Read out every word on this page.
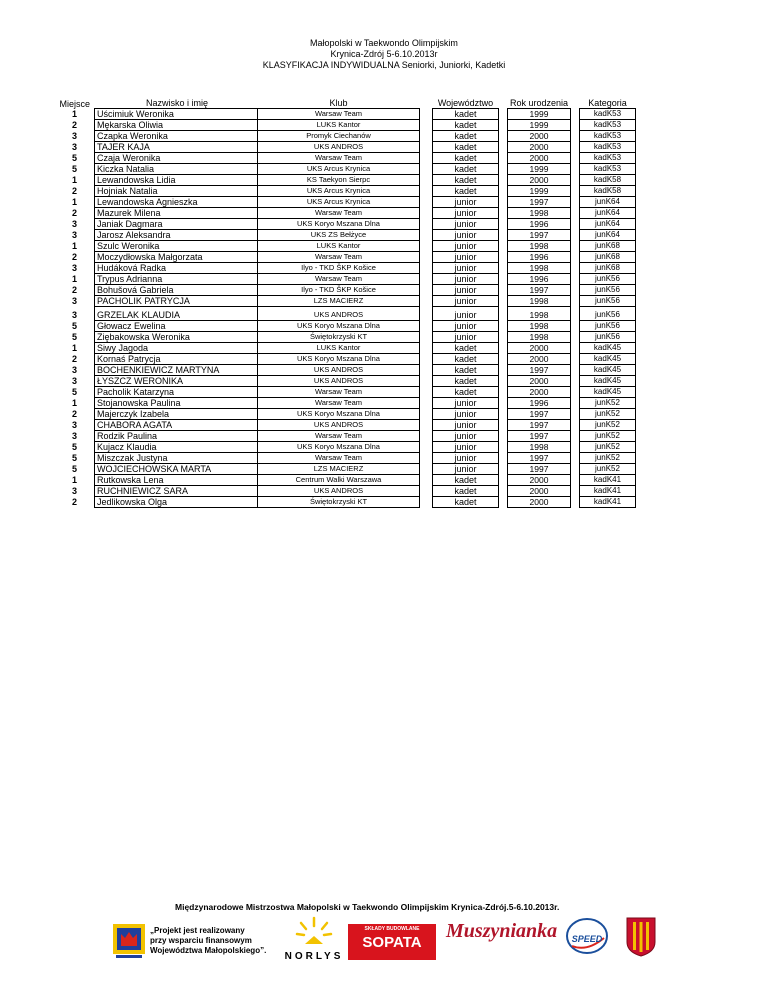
Małopolski w Taekwondo Olimpijskim
Krynica-Zdrój 5-6.10.2013r
KLASYFIKACJA INDYWIDUALNA Seniorki, Juniorki, Kadetki
Miejsce	Nazwisko i imię	Klub		Województwo		Rok urodzenia		Kategoria
1	Uścimiuk Weronika	Warsaw Team		kadet		1999		kadK53
2	Mękarska Oliwia	LUKS Kantor		kadet		1999		kadK53
3	Czapka Weronika	Promyk Ciechanów		kadet		2000		kadK53
3	TAJER KAJA	UKS ANDROS		kadet		2000		kadK53
5	Czaja Weronika	Warsaw Team		kadet		2000		kadK53
5	Kiczka Natalia	UKS Arcus Krynica		kadet		1999		kadK53
1	Lewandowska Lidia	KS Taekyon Sierpc		kadet		2000		kadK58
2	Hojniak Natalia	UKS Arcus Krynica		kadet		1999		kadK58
1	Lewandowska Agnieszka	UKS Arcus Krynica		junior		1997		junK64
2	Mazurek Milena	Warsaw Team		junior		1998		junK64
3	Janiak Dagmara	UKS Koryo Mszana Dlna		junior		1996		junK64
3	Jarosz Aleksandra	UKS ZS Bełżyce		junior		1997		junK64
1	Szulc Weronika	LUKS Kantor		junior		1998		junK68
2	Moczydłowska Małgorzata	Warsaw Team		junior		1996		junK68
3	Hudáková Radka	Ilyo - TKD ŠKP Košice		junior		1998		junK68
1	Trypus Adrianna	Warsaw Team		junior		1996		junK56
2	Bohušová Gabriela	Ilyo - TKD ŠKP Košice		junior		1997		junK56
3	PACHOLIK PATRYCJA	LZS MACIERZ		junior		1998		junK56
3	GRZELAK KLAUDIA	UKS ANDROS		junior		1998		junK56
5	Głowacz Ewelina	UKS Koryo Mszana Dlna		junior		1998		junK56
5	Ziębakowska Weronika	Świętokrzyski KT		junior		1998		junK56
1	Siwy Jagoda	LUKS Kantor		kadet		2000		kadK45
2	Kornaś Patrycja	UKS Koryo Mszana Dlna		kadet		2000		kadK45
3	BOCHENKIEWICZ MARTYNA	UKS ANDROS		kadet		1997		kadK45
3	ŁYSZCZ WERONIKA	UKS ANDROS		kadet		2000		kadK45
5	Pacholik Katarzyna	Warsaw Team		kadet		2000		kadK45
1	Stojanowska Paulina	Warsaw Team		junior		1996		junK52
2	Majerczyk Izabela	UKS Koryo Mszana Dlna		junior		1997		junK52
3	CHABORA AGATA	UKS ANDROS		junior		1997		junK52
3	Rodzik Paulina	Warsaw Team		junior		1997		junK52
5	Kujacz Klaudia	UKS Koryo Mszana Dlna		junior		1998		junK52
5	Miszczak Justyna	Warsaw Team		junior		1997		junK52
5	WOJCIECHOWSKA MARTA	LZS MACIERZ		junior		1997		junK52
1	Rutkowska Lena	Centrum Walki Warszawa		kadet		2000		kadK41
3	RUCHNIEWICZ SARA	UKS ANDROS		kadet		2000		kadK41
2	Jedlikowska Olga	Świętokrzyski KT		kadet		2000		kadK41
Międzynarodowe Mistrzostwa Małopolski w Taekwondo Olimpijskim Krynica-Zdrój.5-6.10.2013r.
„Projekt jest realizowany
przy wsparciu finansowym
Województwa Małopolskiego”.
NORLYS
SKŁADY BUDOWLANE
SOPATA
Muszynianka	SPEED
